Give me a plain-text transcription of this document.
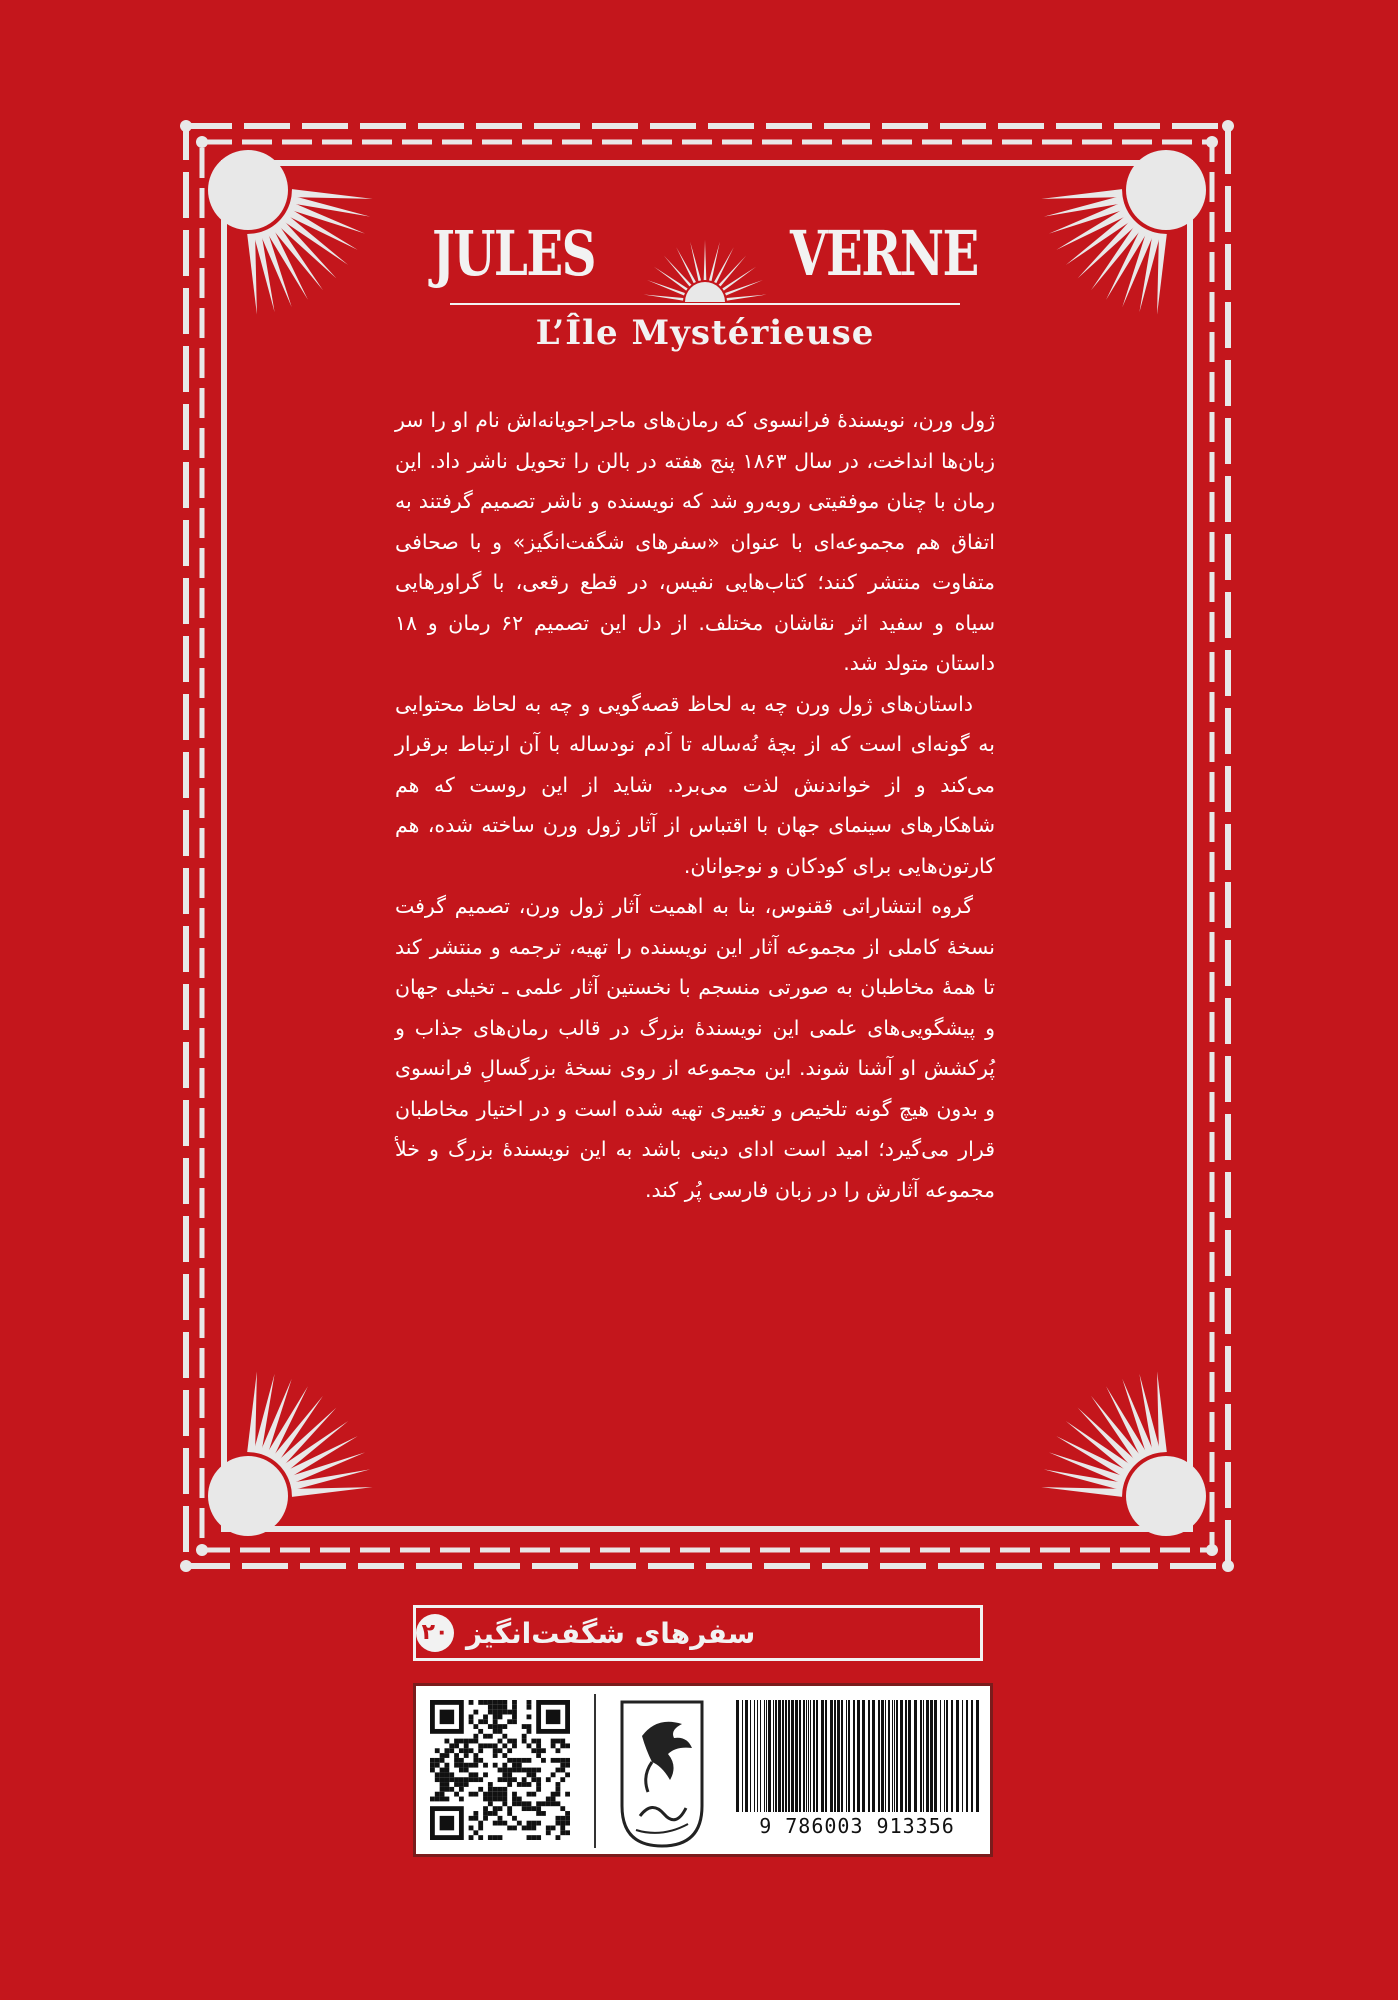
JULES	VERNE
L’Île Mystérieuse

ژول ورن، نویسندهٔ فرانسوی که رمان‌های ماجراجویانه‌اش نام او را سر زبان‌ها انداخت، در سال ۱۸۶۳ پنج هفته در بالن را تحویل ناشر داد. این رمان با چنان موفقیتی روبه‌رو شد که نویسنده و ناشر تصمیم گرفتند به اتفاق هم مجموعه‌ای با عنوان «سفرهای شگفت‌انگیز» و با صحافی متفاوت منتشر کنند؛ کتاب‌هایی نفیس، در قطع رقعی، با گراورهایی سیاه و سفید اثر نقاشان مختلف. از دل این تصمیم ۶۲ رمان و ۱۸ داستان متولد شد.

داستان‌های ژول ورن چه به لحاظ قصه‌گویی و چه به لحاظ محتوایی به گونه‌ای است که از بچهٔ نُه‌ساله تا آدم نودساله با آن ارتباط برقرار می‌کند و از خواندنش لذت می‌برد. شاید از این روست که هم شاهکارهای سینمای جهان با اقتباس از آثار ژول ورن ساخته شده، هم کارتون‌هایی برای کودکان و نوجوانان.

گروه انتشاراتی ققنوس، بنا به اهمیت آثار ژول ورن، تصمیم گرفت نسخهٔ کاملی از مجموعه آثار این نویسنده را تهیه، ترجمه و منتشر کند تا همهٔ مخاطبان به صورتی منسجم با نخستین آثار علمی ـ تخیلی جهان و پیشگویی‌های علمی این نویسندهٔ بزرگ در قالب رمان‌های جذاب و پُرکشش او آشنا شوند. این مجموعه از روی نسخهٔ بزرگسالِ فرانسوی و بدون هیچ گونه تلخیص و تغییری تهیه شده است و در اختیار مخاطبان قرار می‌گیرد؛ امید است ادای دینی باشد به این نویسندهٔ بزرگ و خلأ مجموعه آثارش را در زبان فارسی پُر کند.

سفرهای شگفت‌انگیز
۲۰
9 786003 913356
